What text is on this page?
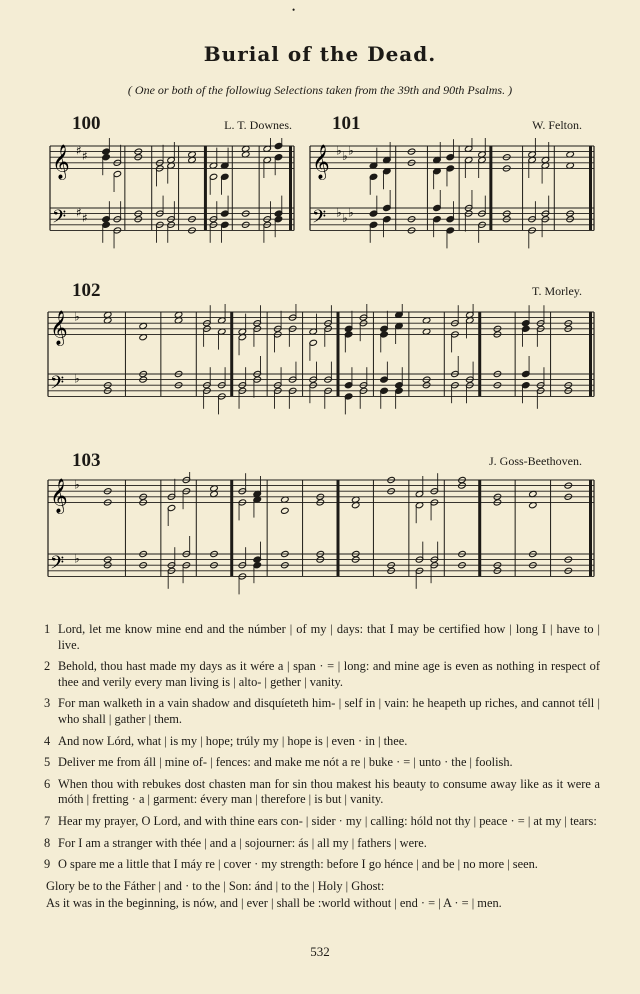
•
Burial of the Dead.
( One or both of the followiug Selections taken from the 39th and 90th Psalms. )
100	L. T. Downes.
𝄞
𝄢
♯
♯
♯
♯
101	W. Felton.
𝄞
𝄢
♭
♭
♭
♭
♭
♭
102	T. Morley.
𝄞
𝄢
♭
♭
103	J. Goss-Beethoven.
𝄞
𝄢
♭
♭
1 Lord, let me know mine end and the númber | of my | days: that I may be certified how | long I | have to | live.
2 Behold, thou hast made my days as it wére a | span · = | long: and mine age is even as nothing in respect of thee and verily every man living is | alto- | gether | vanity.
3 For man walketh in a vain shadow and disquíeteth him- | self in | vain: he heapeth up riches, and cannot téll | who shall | gather | them.
4 And now Lórd, what | is my | hope; trúly my | hope is | even · in | thee.
5 Deliver me from áll | mine of- | fences: and make me nót a re | buke · = | unto · the | foolish.
6 When thou with rebukes dost chasten man for sin thou makest his beauty to consume away like as it were a móth | fretting · a | garment: évery man | therefore | is but | vanity.
7 Hear my prayer, O Lord, and with thine ears con- | sider · my | calling: hóld not thy | peace · = | at my | tears:
8 For I am a stranger with thée | and a | sojourner: ás | all my | fathers | were.
9 O spare me a little that I máy re | cover · my strength: before I go hénce | and be | no more | seen.
Glory be to the Fáther | and · to the | Son: ánd | to the | Holy | Ghost:
As it was in the beginning, is nów, and | ever | shall be :world without | end · = | A · = | men.
532
